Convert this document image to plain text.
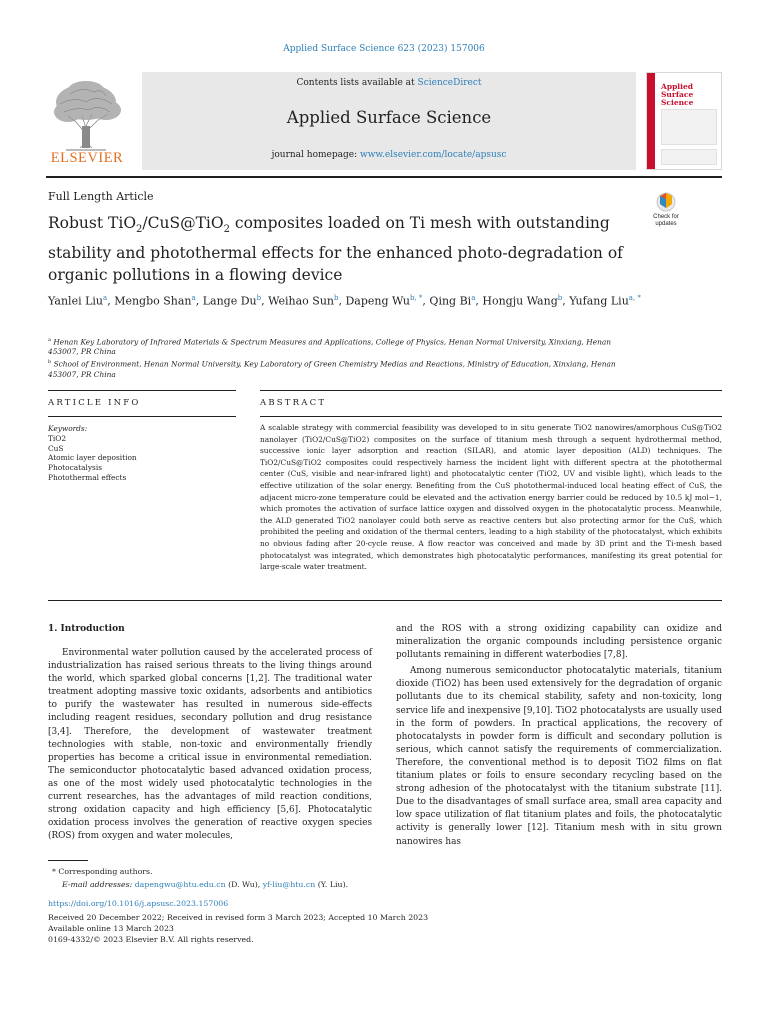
Applied Surface Science 623 (2023) 157006
ELSEVIER
Contents lists available at ScienceDirect
Applied Surface Science
journal homepage: www.elsevier.com/locate/apsusc
Applied Surface Science
Full Length Article
Robust TiO$_2$/CuS@TiO$_2$ composites loaded on Ti mesh with outstanding stability and photothermal effects for the enhanced photo-degradation of organic pollutions in a flowing device
Check for updates
Yanlei Liu$^a$, Mengbo Shan$^a$, Lange Du$^b$, Weihao Sun$^b$, Dapeng $Wu^{b, *}$, Qing Bi$^a$, Hongju Wang$^b$, Yufang Liu$^{a, *}$
$^a$ Henan Key Laboratory of Infrared Materials & Spectrum Measures and Applications, College of Physics, Henan Normal University, Xinxiang, Henan 453007, PR China
$^b$ School of Environment, Henan Normal University, Key Laboratory of Green Chemistry Medias and Reactions, Ministry of Education, Xinxiang, Henan 453007, PR China
ARTICLE INFO	ABSTRACT
Keywords:
TiO2
CuS
Atomic layer deposition
Photocatalysis
Photothermal effects
A scalable strategy with commercial feasibility was developed to in situ generate TiO2 nanowires/amorphous CuS@TiO2 nanolayer (TiO2/CuS@TiO2) composites on the surface of titanium mesh through a sequent hydrothermal method, successive ionic layer adsorption and reaction (SILAR), and atomic layer deposition (ALD) techniques. The TiO2/CuS@TiO2 composites could respectively harness the incident light with different spectra at the photothermal center (CuS, visible and near-infrared light) and photocatalytic center (TiO2, UV and visible light), which leads to the effective utilization of the solar energy. Benefiting from the CuS photothermal-induced local heating effect of CuS, the adjacent micro-zone temperature could be elevated and the activation energy barrier could be reduced by 10.5 kJ mol−1, which promotes the activation of surface lattice oxygen and dissolved oxygen in the photocatalytic process. Meanwhile, the ALD generated TiO2 nanolayer could both serve as reactive centers but also protecting armor for the CuS, which prohibited the peeling and oxidation of the thermal centers, leading to a high stability of the photocatalyst, which exhibits no obvious fading after 20-cycle reuse. A flow reactor was conceived and made by 3D print and the Ti-mesh based photocatalyst was integrated, which demonstrates high photocatalytic performances, manifesting its great potential for large-scale water treatment.
1. Introduction
Environmental water pollution caused by the accelerated process of industrialization has raised serious threats to the living things around the world, which sparked global concerns [1,2]. The traditional water treatment adopting massive toxic oxidants, adsorbents and antibiotics to purify the wastewater has resulted in numerous side-effects including reagent residues, secondary pollution and drug resistance [3,4]. Therefore, the development of wastewater treatment technologies with stable, non-toxic and environmentally friendly properties has become a critical issue in environmental remediation. The semiconductor photocatalytic based advanced oxidation process, as one of the most widely used photocatalytic technologies in the current researches, has the advantages of mild reaction conditions, strong oxidation capacity and high efficiency [5,6]. Photocatalytic oxidation process involves the generation of reactive oxygen species (ROS) from oxygen and water molecules,

and the ROS with a strong oxidizing capability can oxidize and mineralization the organic compounds including persistence organic pollutants remaining in different waterbodies [7,8].

Among numerous semiconductor photocatalytic materials, titanium dioxide (TiO2) has been used extensively for the degradation of organic pollutants due to its chemical stability, safety and non-toxicity, long service life and inexpensive [9,10]. TiO2 photocatalysts are usually used in the form of powders. In practical applications, the recovery of photocatalysts in powder form is difficult and secondary pollution is serious, which cannot satisfy the requirements of commercialization. Therefore, the conventional method is to deposit TiO2 films on flat titanium plates or foils to ensure secondary recycling based on the strong adhesion of the photocatalyst with the titanium substrate [11]. Due to the disadvantages of small surface area, small area capacity and low space utilization of flat titanium plates and foils, the photocatalytic activity is generally lower [12]. Titanium mesh with in situ grown nanowires has

* Corresponding authors.
E-mail addresses: dapengwu@htu.edu.cn (D. Wu), yf-liu@htu.cn (Y. Liu).
https://doi.org/10.1016/j.apsusc.2023.157006
Received 20 December 2022; Received in revised form 3 March 2023; Accepted 10 March 2023
Available online 13 March 2023
0169-4332/© 2023 Elsevier B.V. All rights reserved.
